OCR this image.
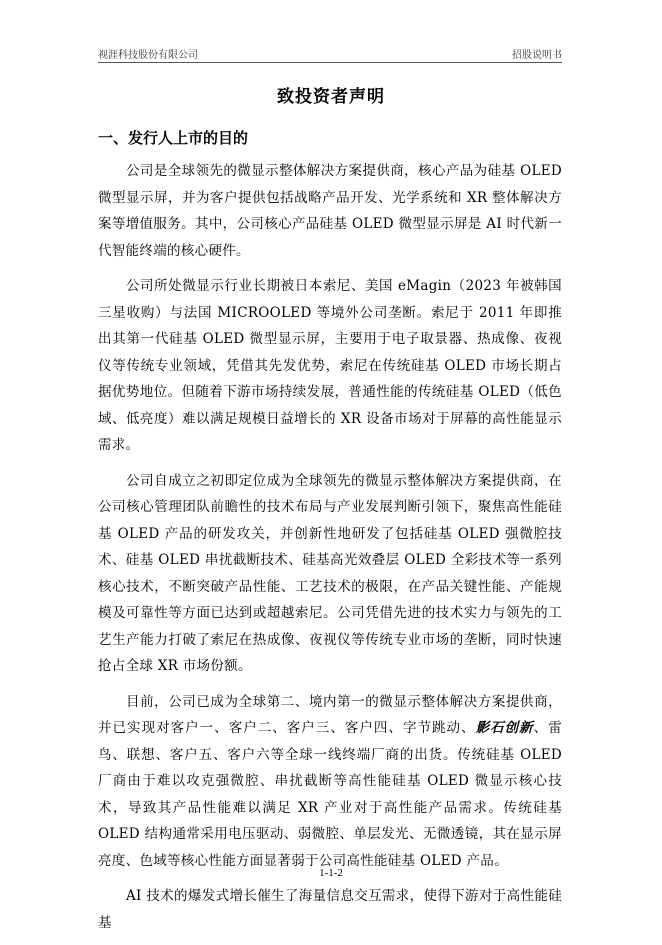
视涯科技股份有限公司	招股说明书
致投资者声明
一、发行人上市的目的

公司是全球领先的微显示整体解决方案提供商，核心产品为硅基 OLED 微型显示屏，并为客户提供包括战略产品开发、光学系统和 XR 整体解决方案等增值服务。其中，公司核心产品硅基 OLED 微型显示屏是 AI 时代新一代智能终端的核心硬件。

公司所处微显示行业长期被日本索尼、美国 eMagin（2023 年被韩国三星收购）与法国 MICROOLED 等境外公司垄断。索尼于 2011 年即推出其第一代硅基 OLED 微型显示屏，主要用于电子取景器、热成像、夜视仪等传统专业领域，凭借其先发优势，索尼在传统硅基 OLED 市场长期占据优势地位。但随着下游市场持续发展，普通性能的传统硅基 OLED（低色域、低亮度）难以满足规模日益增长的 XR 设备市场对于屏幕的高性能显示需求。

公司自成立之初即定位成为全球领先的微显示整体解决方案提供商，在公司核心管理团队前瞻性的技术布局与产业发展判断引领下，聚焦高性能硅基 OLED 产品的研发攻关，并创新性地研发了包括硅基 OLED 强微腔技术、硅基 OLED 串扰截断技术、硅基高光效叠层 OLED 全彩技术等一系列核心技术，不断突破产品性能、工艺技术的极限，在产品关键性能、产能规模及可靠性等方面已达到或超越索尼。公司凭借先进的技术实力与领先的工艺生产能力打破了索尼在热成像、夜视仪等传统专业市场的垄断，同时快速抢占全球 XR 市场份额。

目前，公司已成为全球第二、境内第一的微显示整体解决方案提供商，并已实现对客户一、客户二、客户三、客户四、字节跳动、影石创新、雷鸟、联想、客户五、客户六等全球一线终端厂商的出货。传统硅基 OLED 厂商由于难以攻克强微腔、串扰截断等高性能硅基 OLED 微显示核心技术，导致其产品性能难以满足 XR 产业对于高性能产品需求。传统硅基 OLED 结构通常采用电压驱动、弱微腔、单层发光、无微透镜，其在显示屏亮度、色域等核心性能方面显著弱于公司高性能硅基 OLED 产品。

AI 技术的爆发式增长催生了海量信息交互需求，使得下游对于高性能硅基

1-1-2
